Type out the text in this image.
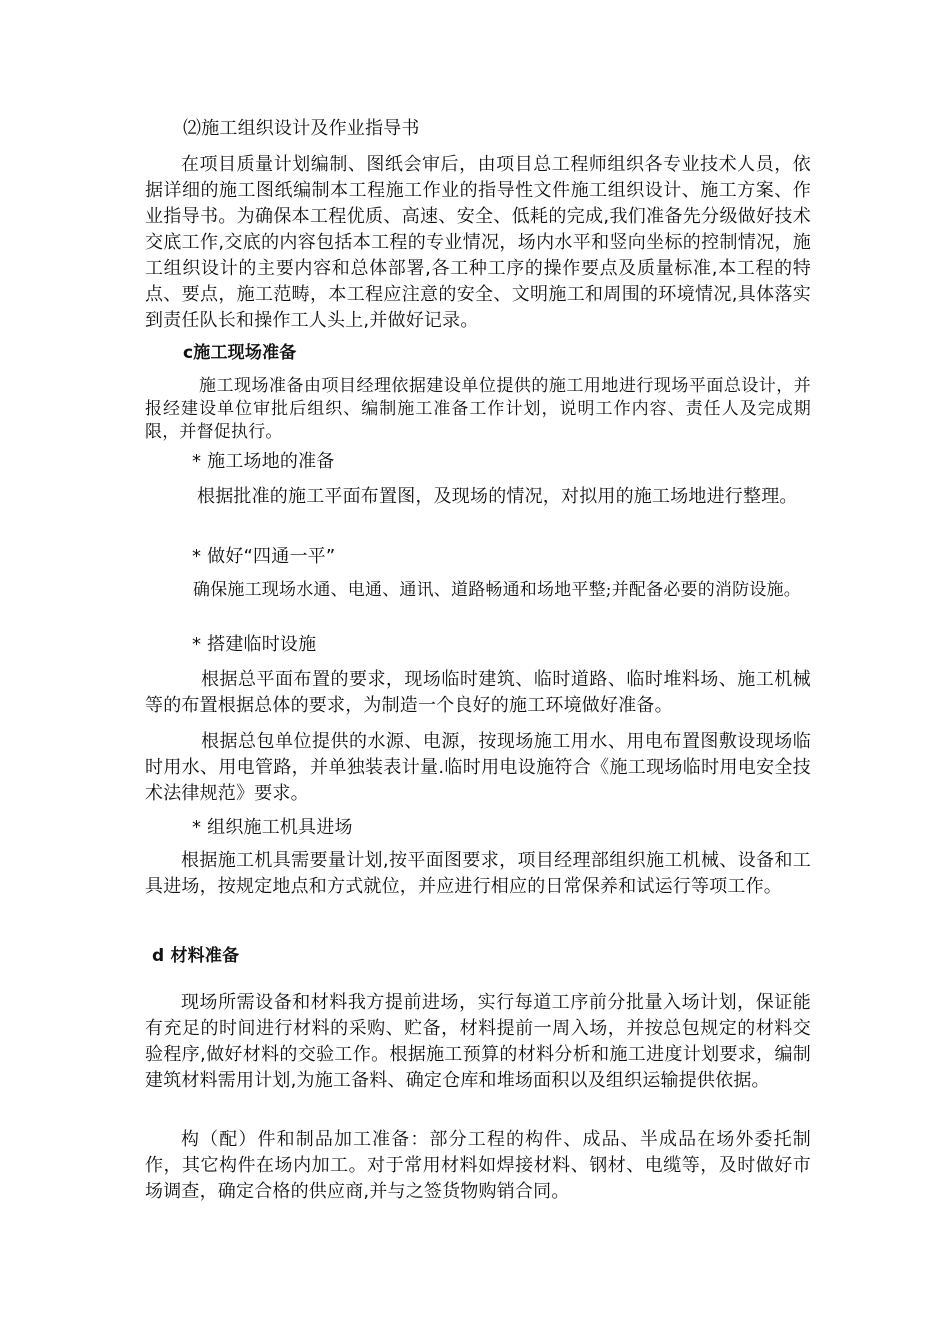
⑵施工组织设计及作业指导书

在项目质量计划编制、图纸会审后，由项目总工程师组织各专业技术人员，依据详细的施工图纸编制本工程施工作业的指导性文件施工组织设计、施工方案、作业指导书。为确保本工程优质、高速、安全、低耗的完成,我们准备先分级做好技术交底工作,交底的内容包括本工程的专业情况，场内水平和竖向坐标的控制情况，施工组织设计的主要内容和总体部署,各工种工序的操作要点及质量标准,本工程的特点、要点，施工范畴，本工程应注意的安全、文明施工和周围的环境情况,具体落实到责任队长和操作工人头上,并做好记录。

c施工现场准备

施工现场准备由项目经理依据建设单位提供的施工用地进行现场平面总设计，并报经建设单位审批后组织、编制施工准备工作计划，说明工作内容、责任人及完成期限，并督促执行。

* 施工场地的准备

根据批准的施工平面布置图，及现场的情况，对拟用的施工场地进行整理。

* 做好“四通一平”

确保施工现场水通、电通、通讯、道路畅通和场地平整;并配备必要的消防设施。

* 搭建临时设施

根据总平面布置的要求，现场临时建筑、临时道路、临时堆料场、施工机械等的布置根据总体的要求，为制造一个良好的施工环境做好准备。

根据总包单位提供的水源、电源，按现场施工用水、用电布置图敷设现场临时用水、用电管路，并单独装表计量.临时用电设施符合《施工现场临时用电安全技术法律规范》要求。

* 组织施工机具进场

根据施工机具需要量计划,按平面图要求，项目经理部组织施工机械、设备和工具进场，按规定地点和方式就位，并应进行相应的日常保养和试运行等项工作。

d 材料准备

现场所需设备和材料我方提前进场，实行每道工序前分批量入场计划，保证能有充足的时间进行材料的采购、贮备，材料提前一周入场，并按总包规定的材料交验程序,做好材料的交验工作。根据施工预算的材料分析和施工进度计划要求，编制建筑材料需用计划,为施工备料、确定仓库和堆场面积以及组织运输提供依据。

构（配）件和制品加工准备：部分工程的构件、成品、半成品在场外委托制作，其它构件在场内加工。对于常用材料如焊接材料、钢材、电缆等，及时做好市场调查，确定合格的供应商,并与之签货物购销合同。
